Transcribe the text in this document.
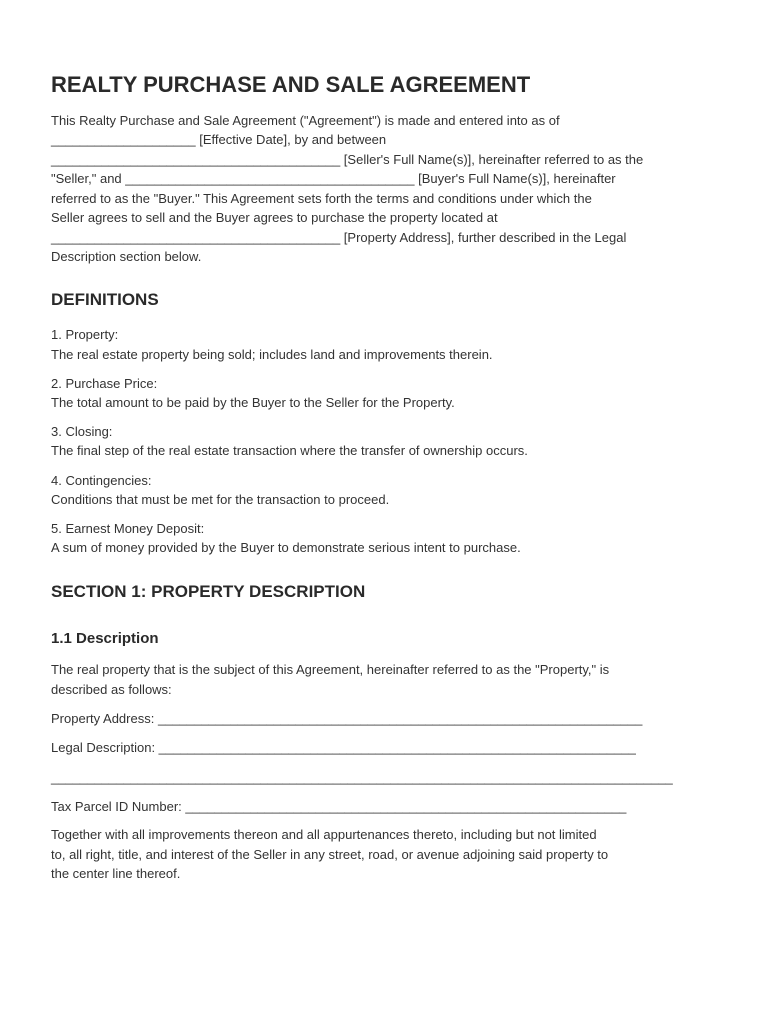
REALTY PURCHASE AND SALE AGREEMENT
This Realty Purchase and Sale Agreement ("Agreement") is made and entered into as of
____________________ [Effective Date], by and between
________________________________________ [Seller's Full Name(s)], hereinafter referred to as the
"Seller," and ________________________________________ [Buyer's Full Name(s)], hereinafter
referred to as the "Buyer." This Agreement sets forth the terms and conditions under which the
Seller agrees to sell and the Buyer agrees to purchase the property located at
________________________________________ [Property Address], further described in the Legal
Description section below.
DEFINITIONS
1. Property:
The real estate property being sold; includes land and improvements therein.
2. Purchase Price:
The total amount to be paid by the Buyer to the Seller for the Property.
3. Closing:
The final step of the real estate transaction where the transfer of ownership occurs.
4. Contingencies:
Conditions that must be met for the transaction to proceed.
5. Earnest Money Deposit:
A sum of money provided by the Buyer to demonstrate serious intent to purchase.
SECTION 1: PROPERTY DESCRIPTION
1.1 Description
The real property that is the subject of this Agreement, hereinafter referred to as the "Property," is
described as follows:
Property Address: ___________________________________________________________________
Legal Description: __________________________________________________________________
______________________________________________________________________________________
Tax Parcel ID Number: _____________________________________________________________
Together with all improvements thereon and all appurtenances thereto, including but not limited
to, all right, title, and interest of the Seller in any street, road, or avenue adjoining said property to
the center line thereof.
